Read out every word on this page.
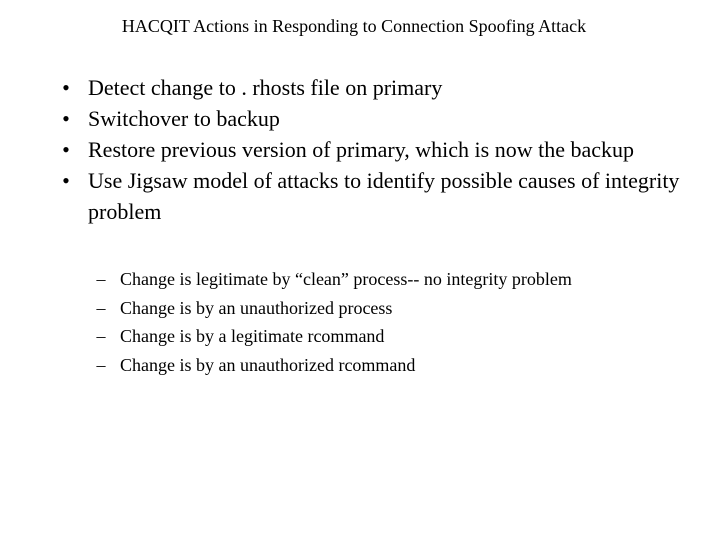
HACQIT Actions in Responding to Connection Spoofing Attack
• Detect change to . rhosts file on primary
• Switchover to backup
• Restore previous version of primary, which is now the backup
• Use Jigsaw model of attacks to identify possible causes of integrity problem
– Change is legitimate by “clean” process-- no integrity problem
– Change is by an unauthorized process
– Change is by a legitimate rcommand
– Change is by an unauthorized rcommand
